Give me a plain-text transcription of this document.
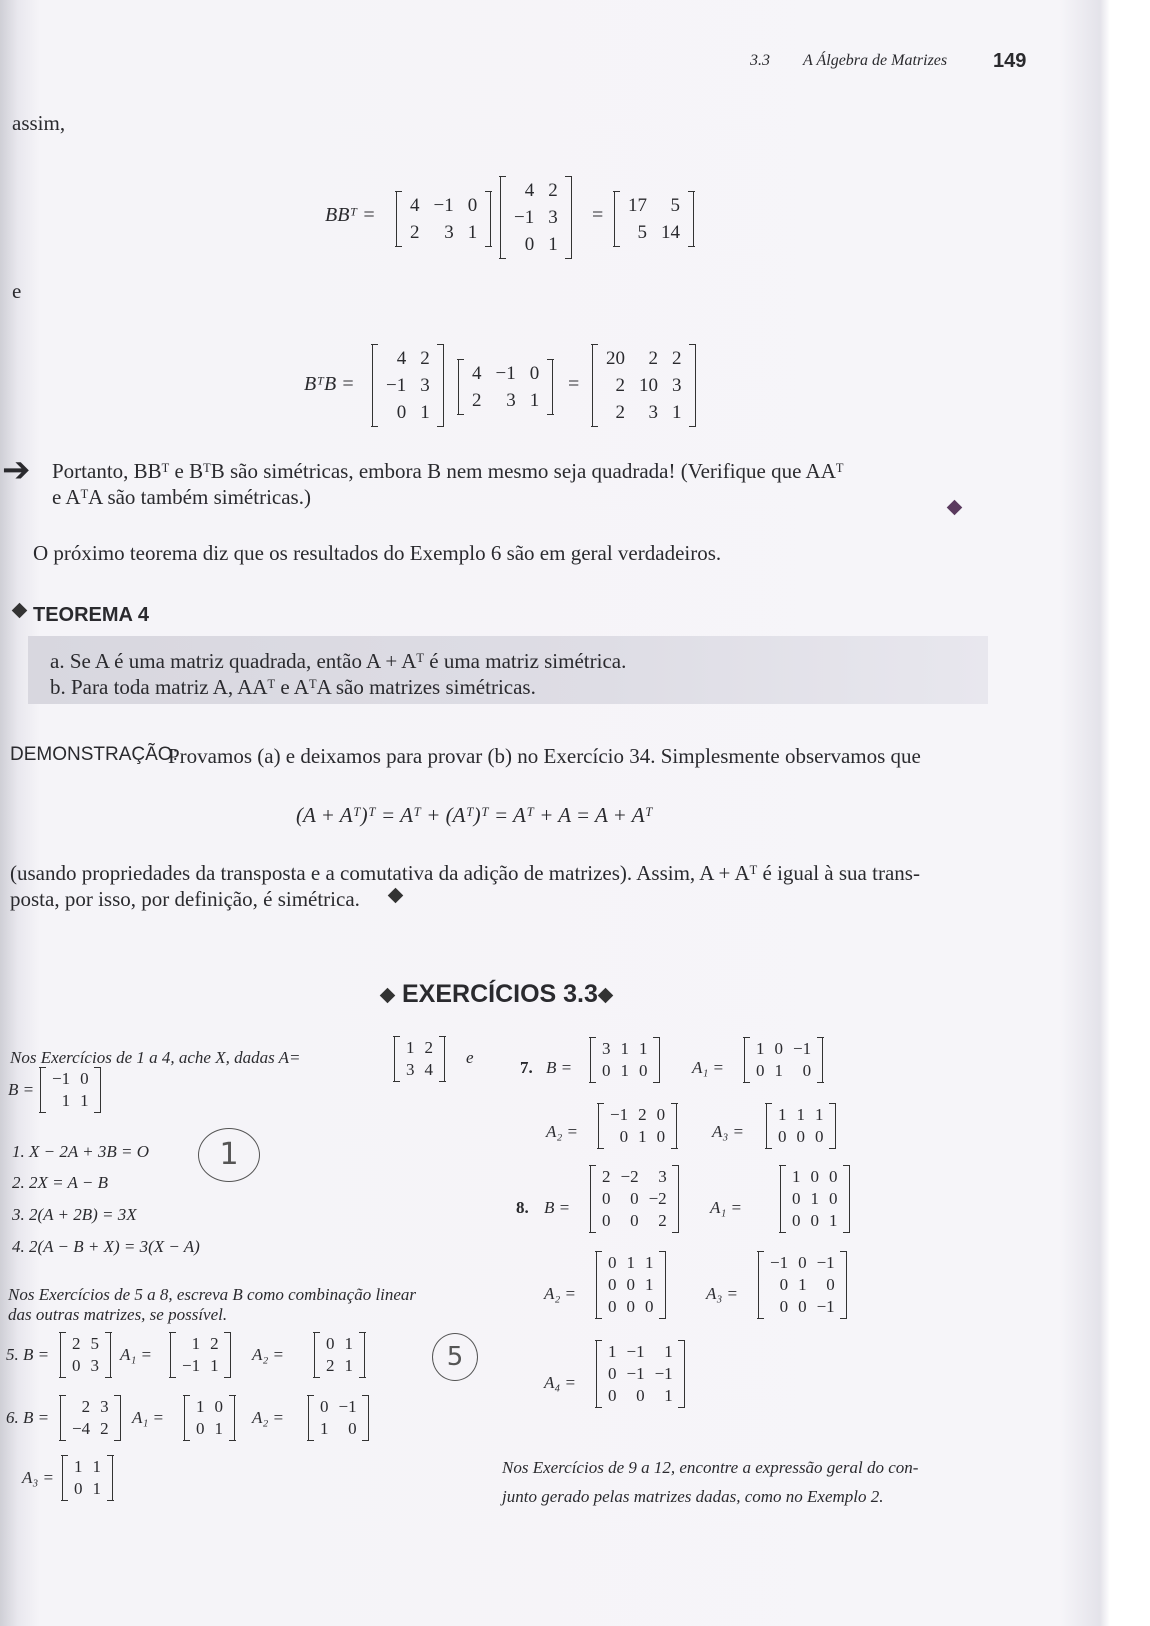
3.3 A Álgebra de Matrizes 149
assim,
BBᵀ = 4	−1	0
2	3	1
4	2
−1	3
0	1
= 17	5
5	14
e
BᵀB =
4	2
−1	3
0	1
4	−1	0
2	3	1
=
20	2	2
2	10	3
2	3	1
➔ Portanto, BBᵀ e BᵀB são simétricas, embora B nem mesmo seja quadrada! (Verifique que AAᵀ
e AᵀA são também simétricas.)
O próximo teorema diz que os resultados do Exemplo 6 são em geral verdadeiros.
TEOREMA 4
a. Se A é uma matriz quadrada, então A + Aᵀ é uma matriz simétrica.
b. Para toda matriz A, AAᵀ e AᵀA são matrizes simétricas.
DEMONSTRAÇÃO:
Provamos (a) e deixamos para provar (b) no Exercício 34. Simplesmente observamos que
(A + Aᵀ)ᵀ = Aᵀ + (Aᵀ)ᵀ = Aᵀ + A = A + Aᵀ
(usando propriedades da transposta e a comutativa da adição de matrizes). Assim, A + Aᵀ é igual à sua trans-
posta, por isso, por definição, é simétrica.
EXERCÍCIOS 3.3
Nos Exercícios de 1 a 4, ache X, dadas A=
1	2
3	4
e
B =
−1	0
1	1
1. X − 2A + 3B = O
2. 2X = A − B
3. 2(A + 2B) = 3X
4. 2(A − B + X) = 3(X − A)
1
Nos Exercícios de 5 a 8, escreva B como combinação linear
das outras matrizes, se possível.
5
5. B =
2	5
0	3
A₁ =
1	2
−1	1
A₂ =
0	1
2	1
6. B =
2	3
−4	2
A₁ =
1	0
0	1
A₂ =
0	−1
1	0
A₃ =
1	1
0	1
7. B =
3	1	1
0	1	0	A₁ =
1	0	−1
0	1	0
A₂ =
−1	2	0
0	1	0	A₃ =
1	1	1
0	0	0
8. B =
2	−2	3
0	0	−2
0	0	2
A₁ =
1	0	0
0	1	0
0	0	1
A₂ =
0	1	1
0	0	1
0	0	0
A₃ =
−1	0	−1
0	1	0
0	0	−1
A₄ =
1	−1	1
0	−1	−1
0	0	1
Nos Exercícios de 9 a 12, encontre a expressão geral do con-
junto gerado pelas matrizes dadas, como no Exemplo 2.
